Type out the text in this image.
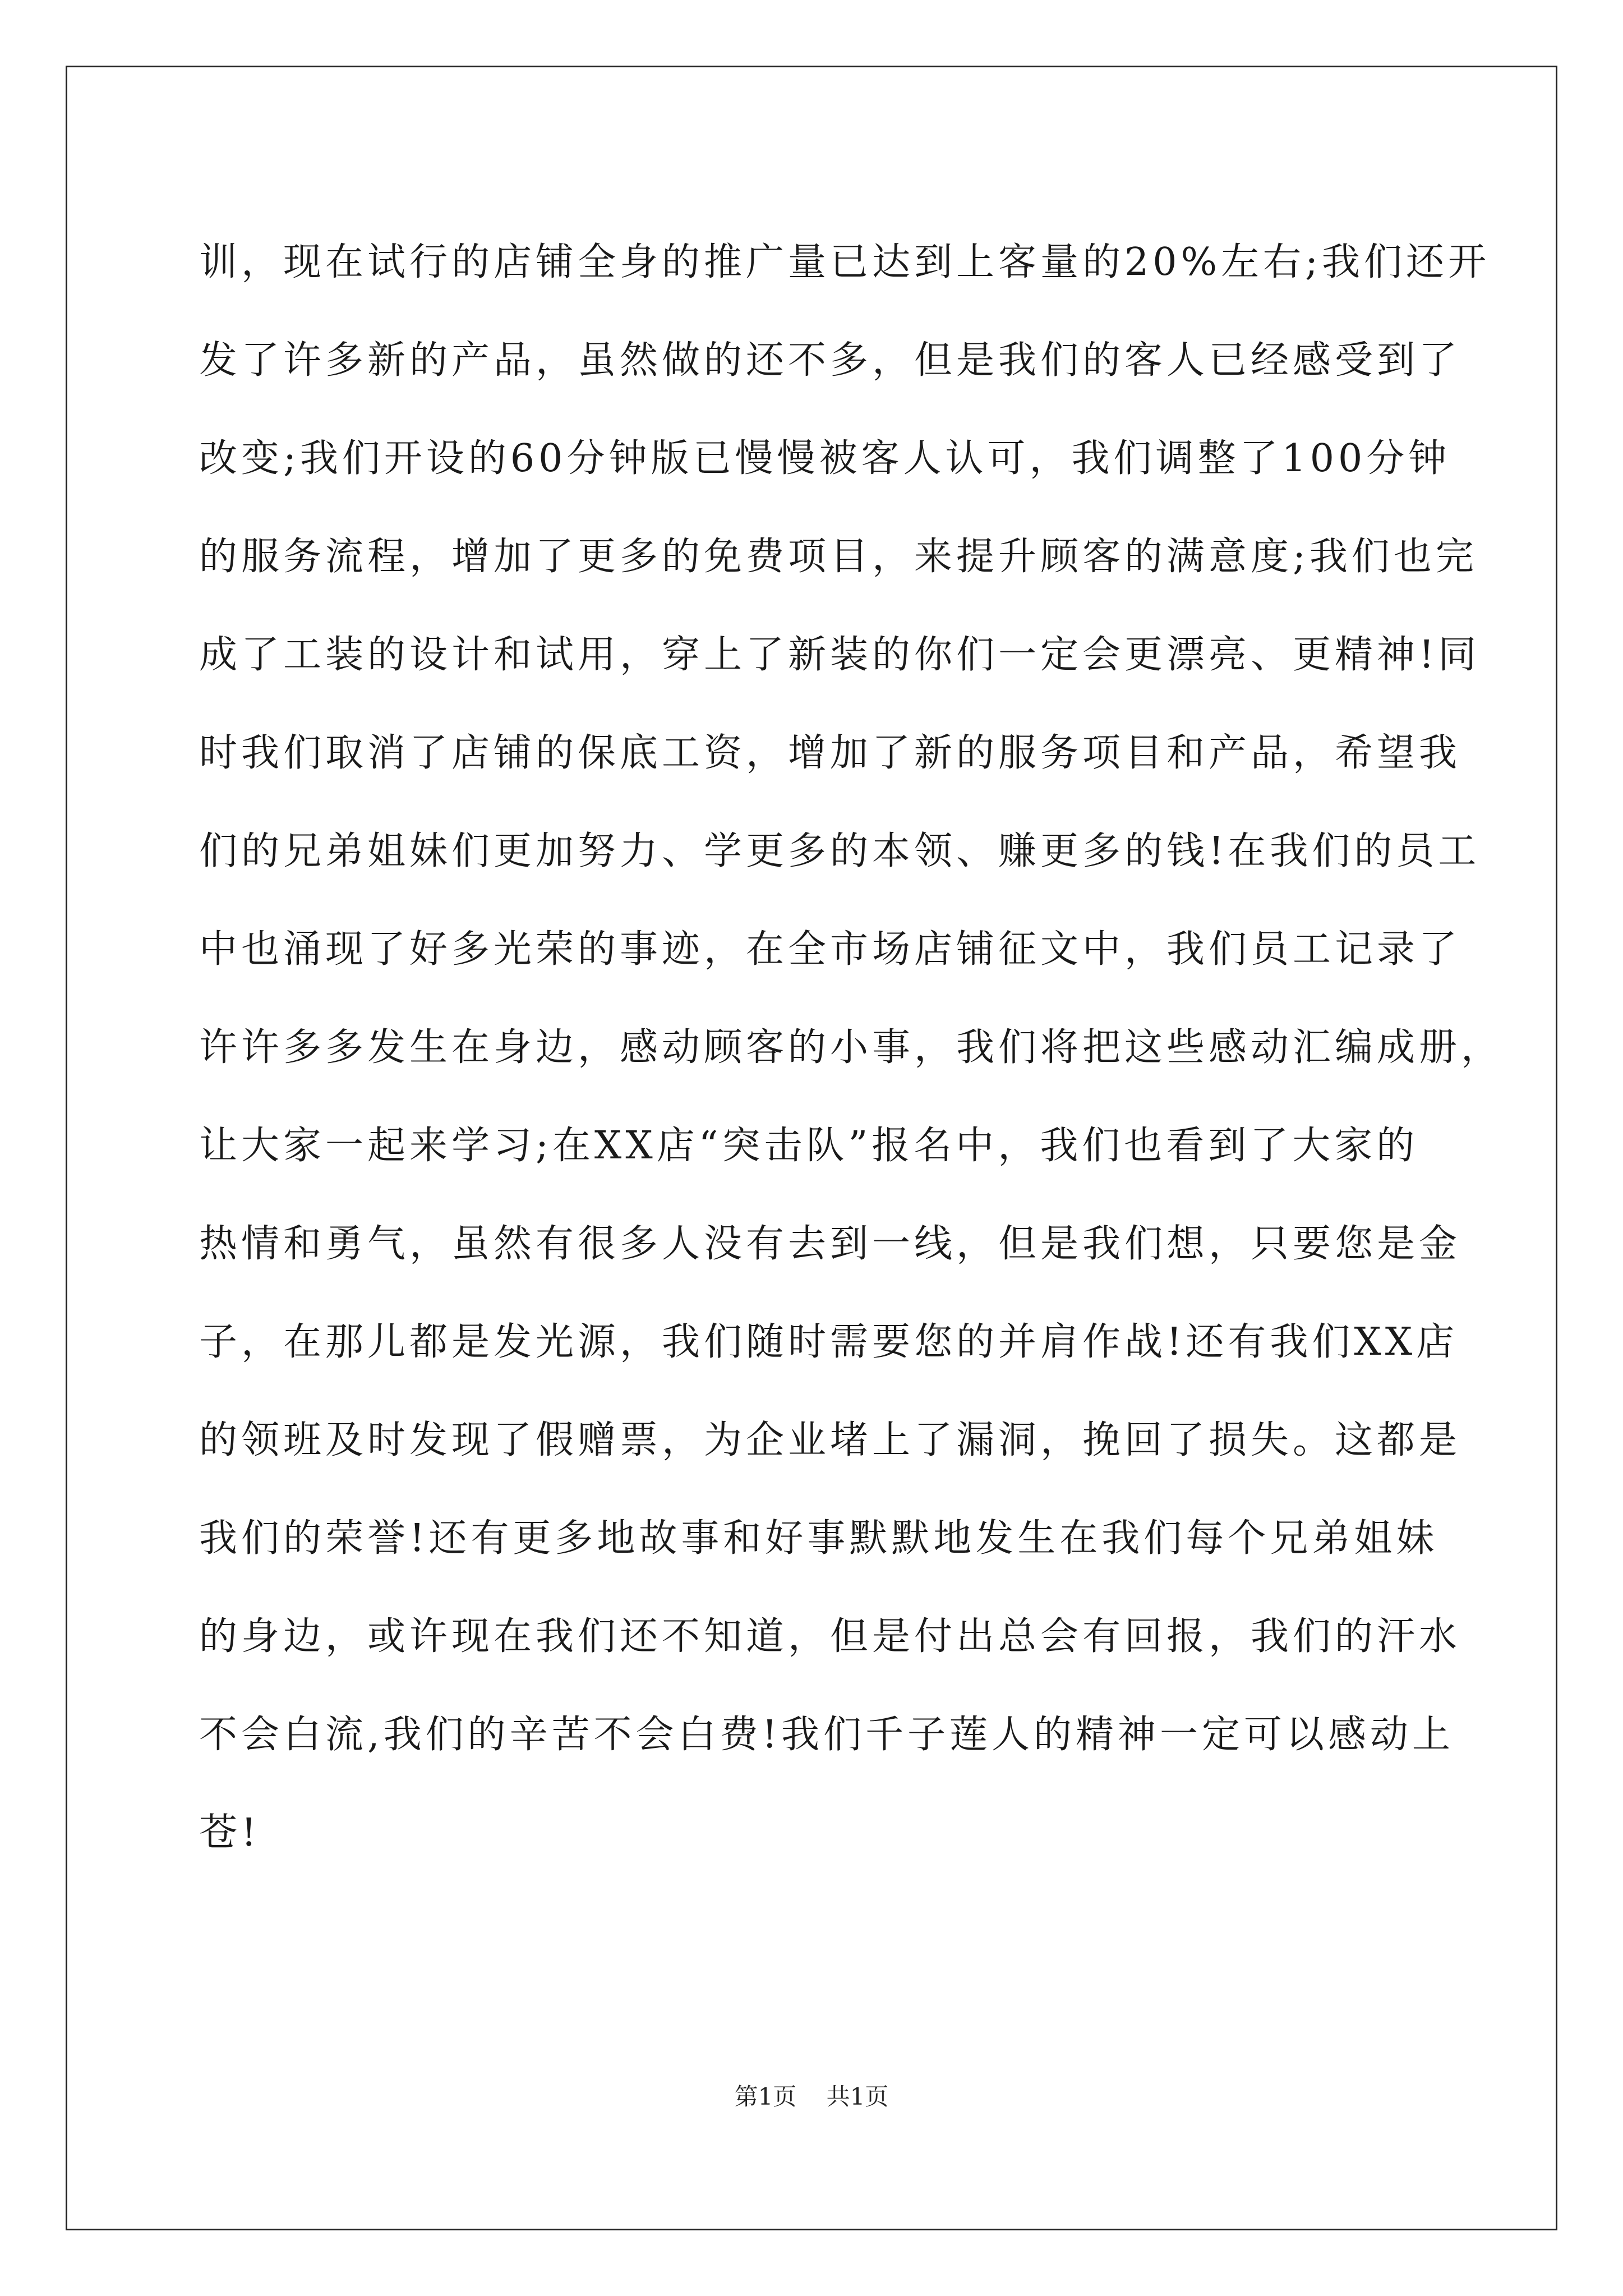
训，现在试行的店铺全身的推广量已达到上客量的20%左右;我们还开
发了许多新的产品，虽然做的还不多，但是我们的客人已经感受到了
改变;我们开设的60分钟版已慢慢被客人认可，我们调整了100分钟
的服务流程，增加了更多的免费项目，来提升顾客的满意度;我们也完
成了工装的设计和试用，穿上了新装的你们一定会更漂亮、更精神!同
时我们取消了店铺的保底工资，增加了新的服务项目和产品，希望我
们的兄弟姐妹们更加努力、学更多的本领、赚更多的钱!在我们的员工
中也涌现了好多光荣的事迹，在全市场店铺征文中，我们员工记录了
许许多多发生在身边，感动顾客的小事，我们将把这些感动汇编成册，
让大家一起来学习;在XX店“突击队”报名中，我们也看到了大家的
热情和勇气，虽然有很多人没有去到一线，但是我们想，只要您是金
子，在那儿都是发光源，我们随时需要您的并肩作战!还有我们XX店
的领班及时发现了假赠票，为企业堵上了漏洞，挽回了损失。这都是
我们的荣誉!还有更多地故事和好事默默地发生在我们每个兄弟姐妹
的身边，或许现在我们还不知道，但是付出总会有回报，我们的汗水
不会白流,我们的辛苦不会白费!我们千子莲人的精神一定可以感动上
苍!
第1页 共1页
